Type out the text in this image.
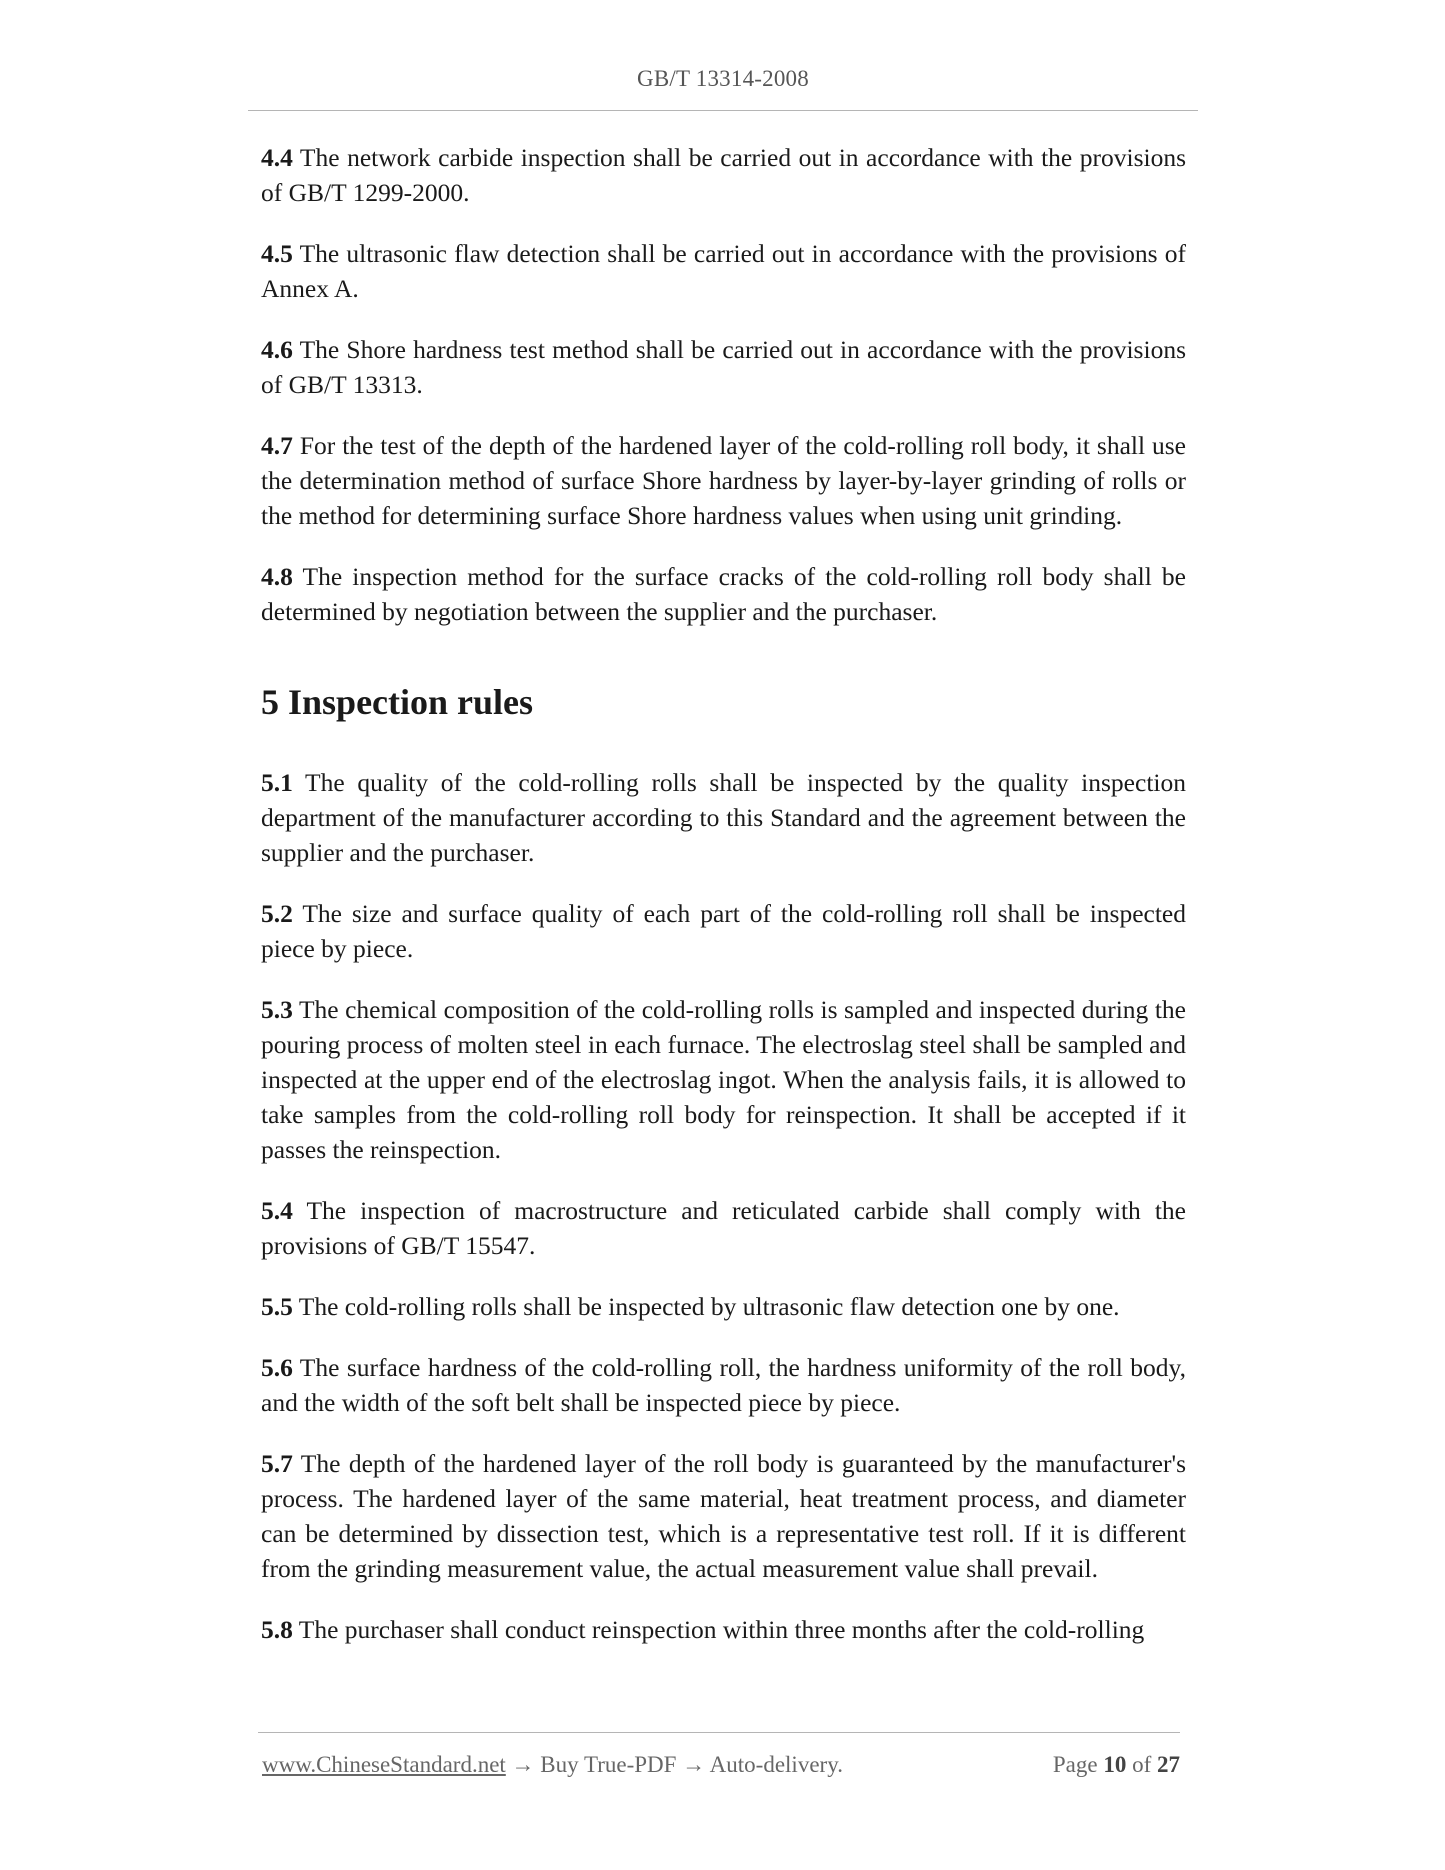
GB/T 13314-2008

4.4 The network carbide inspection shall be carried out in accordance with the provisions of GB/T 1299-2000.

4.5 The ultrasonic flaw detection shall be carried out in accordance with the provisions of Annex A.

4.6 The Shore hardness test method shall be carried out in accordance with the provisions of GB/T 13313.

4.7 For the test of the depth of the hardened layer of the cold-rolling roll body, it shall use the determination method of surface Shore hardness by layer-by-layer grinding of rolls or the method for determining surface Shore hardness values when using unit grinding.

4.8 The inspection method for the surface cracks of the cold-rolling roll body shall be determined by negotiation between the supplier and the purchaser.

5 Inspection rules

5.1 The quality of the cold-rolling rolls shall be inspected by the quality inspection department of the manufacturer according to this Standard and the agreement between the supplier and the purchaser.

5.2 The size and surface quality of each part of the cold-rolling roll shall be inspected piece by piece.

5.3 The chemical composition of the cold-rolling rolls is sampled and inspected during the pouring process of molten steel in each furnace. The electroslag steel shall be sampled and inspected at the upper end of the electroslag ingot. When the analysis fails, it is allowed to take samples from the cold-rolling roll body for reinspection. It shall be accepted if it passes the reinspection.

5.4 The inspection of macrostructure and reticulated carbide shall comply with the provisions of GB/T 15547.

5.5 The cold-rolling rolls shall be inspected by ultrasonic flaw detection one by one.

5.6 The surface hardness of the cold-rolling roll, the hardness uniformity of the roll body, and the width of the soft belt shall be inspected piece by piece.

5.7 The depth of the hardened layer of the roll body is guaranteed by the manufacturer's process. The hardened layer of the same material, heat treatment process, and diameter can be determined by dissection test, which is a representative test roll. If it is different from the grinding measurement value, the actual measurement value shall prevail.

5.8 The purchaser shall conduct reinspection within three months after the cold-rolling

www.ChineseStandard.net → Buy True-PDF → Auto-delivery.	Page 10 of 27
